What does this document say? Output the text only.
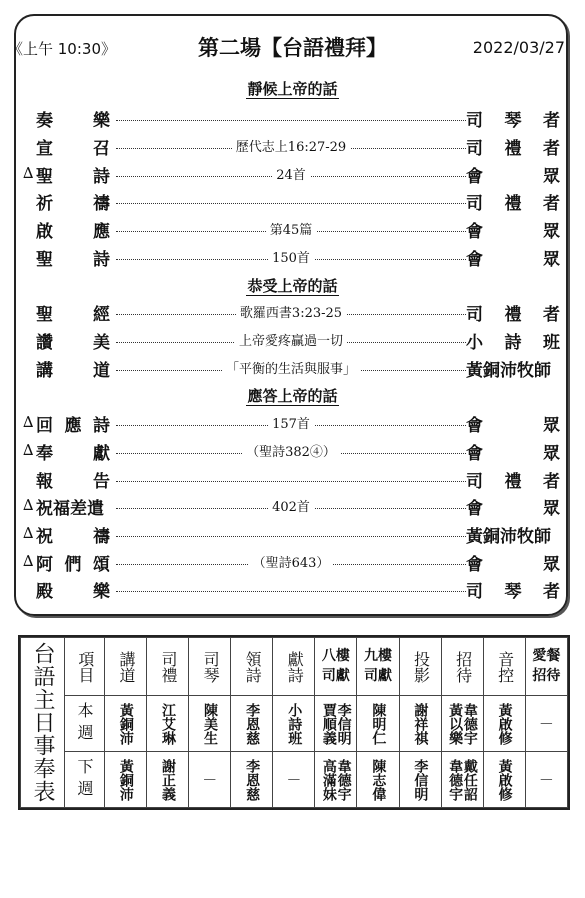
《上午 10:30》	第二場【台語禮拜】	2022/03/27
靜候上帝的話
恭受上帝的話
應答上帝的話
奏 樂	司 琴 者
宣 召	歷代志上16:27-29	司 禮 者
∆ 聖 詩	24首	會	眾
祈 禱	司 禮 者
啟 應	第45篇	會	眾
聖 詩	150首	會	眾
聖 經	歌羅西書3:23-25	司 禮 者
讚 美	上帝愛疼贏過一切	小 詩 班
講 道	「平衡的生活與服事」	黃銅沛牧師
∆ 回 應 詩	157首	會	眾
∆ 奉 獻	（聖詩382④）	會	眾
報 告	司 禮 者
∆ 祝福差遣	402首	會	眾
∆ 祝 禱	黃銅沛牧師
∆ 阿 們 頌	（聖詩643）	會	眾
殿 樂	司 琴 者
台語主日事奉表	項目	講道	司禮	司琴	領詩	獻詩	八樓司獻	九樓司獻	投影	招待	音控	愛餐招待

	本週	黃銅沛	江艾琳	陳美生	李恩慈	小詩班	李信明 賈順義	陳明仁	謝祥祺	韋德宇 黃以樂	黃啟修	－

	下週	黃銅沛	謝正義	－	李恩慈	－	韋德宇 高滿妹	陳志偉	李信明	戴任詔 韋德宇	黃啟修	－
